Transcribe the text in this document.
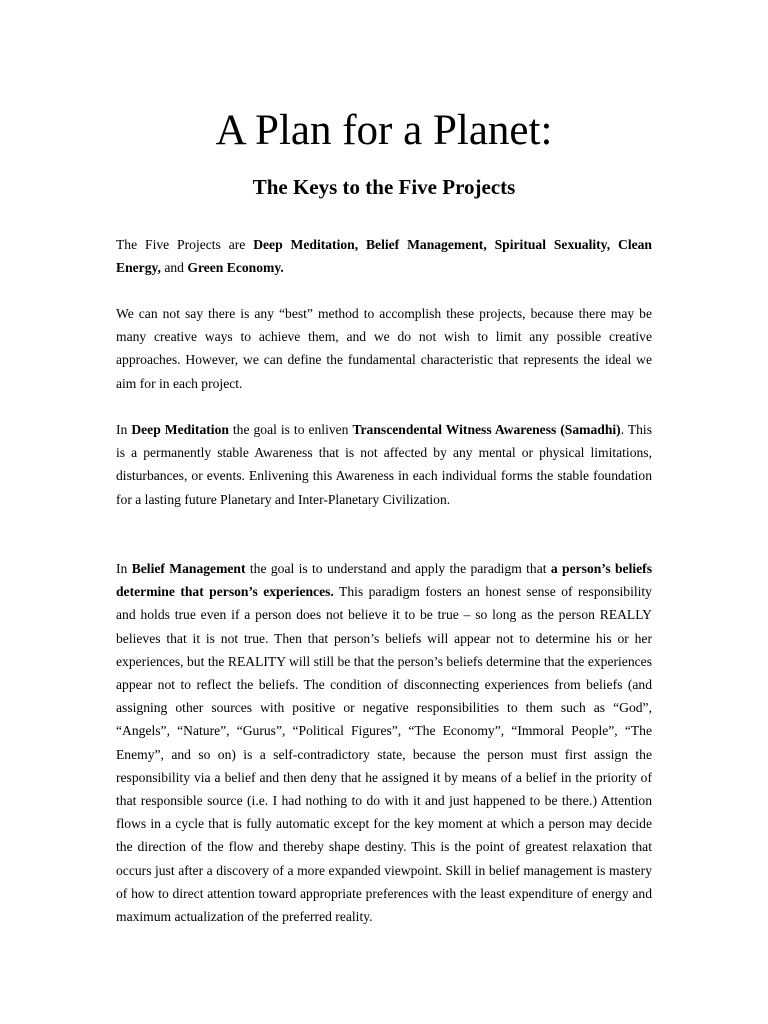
A Plan for a Planet:
The Keys to the Five Projects

The Five Projects are Deep Meditation, Belief Management, Spiritual Sexuality, Clean Energy, and Green Economy.

We can not say there is any “best” method to accomplish these projects, because there may be many creative ways to achieve them, and we do not wish to limit any possible creative approaches. However, we can define the fundamental characteristic that represents the ideal we aim for in each project.

In Deep Meditation the goal is to enliven Transcendental Witness Awareness (Samadhi). This is a permanently stable Awareness that is not affected by any mental or physical limitations, disturbances, or events. Enlivening this Awareness in each individual forms the stable foundation for a lasting future Planetary and Inter-Planetary Civilization.

In Belief Management the goal is to understand and apply the paradigm that a person’s beliefs determine that person’s experiences. This paradigm fosters an honest sense of responsibility and holds true even if a person does not believe it to be true – so long as the person REALLY believes that it is not true. Then that person’s beliefs will appear not to determine his or her experiences, but the REALITY will still be that the person’s beliefs determine that the experiences appear not to reflect the beliefs. The condition of disconnecting experiences from beliefs (and assigning other sources with positive or negative responsibilities to them such as “God”, “Angels”, “Nature”, “Gurus”, “Political Figures”, “The Economy”, “Immoral People”, “The Enemy”, and so on) is a self-contradictory state, because the person must first assign the responsibility via a belief and then deny that he assigned it by means of a belief in the priority of that responsible source (i.e. I had nothing to do with it and just happened to be there.) Attention flows in a cycle that is fully automatic except for the key moment at which a person may decide the direction of the flow and thereby shape destiny. This is the point of greatest relaxation that occurs just after a discovery of a more expanded viewpoint. Skill in belief management is mastery of how to direct attention toward appropriate preferences with the least expenditure of energy and maximum actualization of the preferred reality.
